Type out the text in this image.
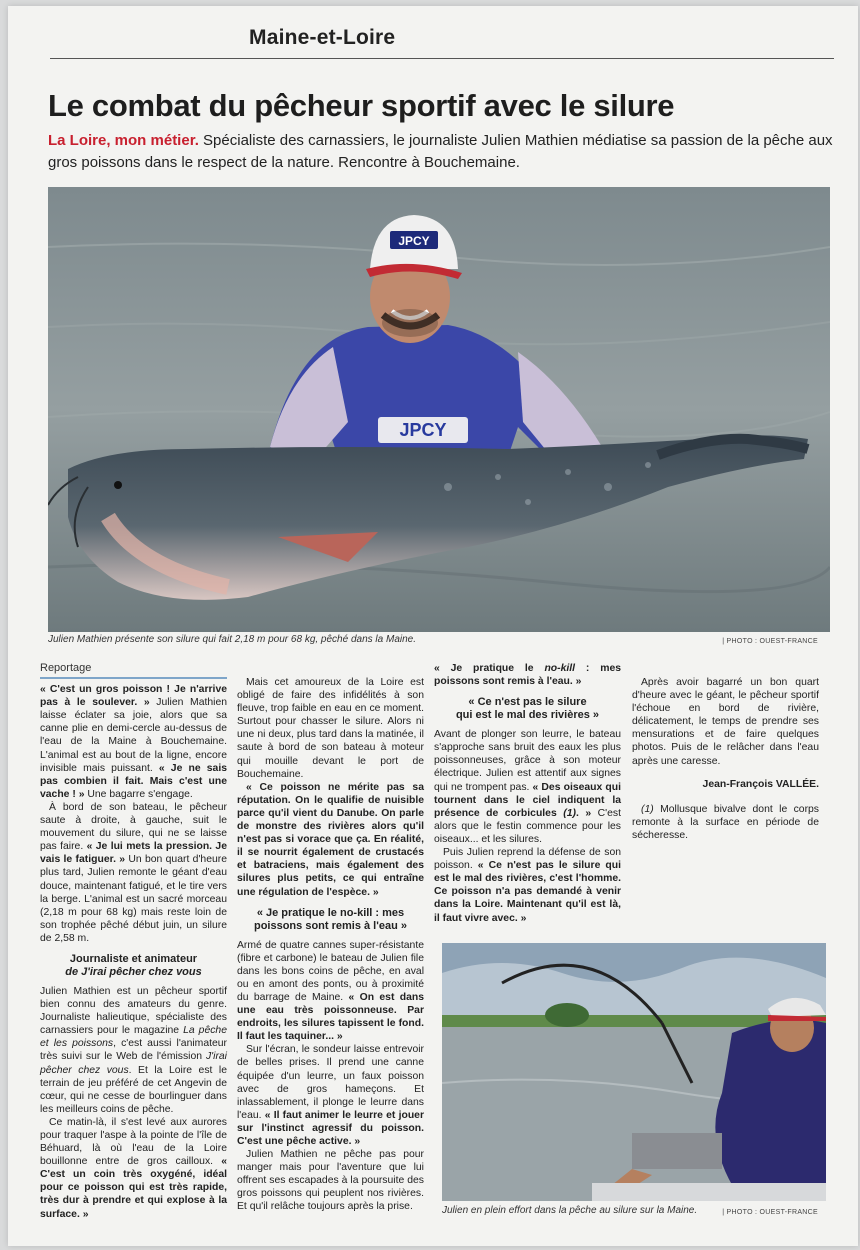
Maine-et-Loire
Le combat du pêcheur sportif avec le silure
La Loire, mon métier. Spécialiste des carnassiers, le journaliste Julien Mathien médiatise sa passion de la pêche aux gros poissons dans le respect de la nature. Rencontre à Bouchemaine.
JPCY
JPCY
Julien Mathien présente son silure qui fait 2,18 m pour 68 kg, pêché dans la Maine.	| PHOTO : OUEST-FRANCE
Reportage

« C'est un gros poisson ! Je n'arrive pas à le soulever. » Julien Mathien laisse éclater sa joie, alors que sa canne plie en demi-cercle au-dessus de l'eau de la Maine à Bouchemaine. L'animal est au bout de la ligne, encore invisible mais puissant. « Je ne sais pas combien il fait. Mais c'est une vache ! » Une bagarre s'engage.

À bord de son bateau, le pêcheur saute à droite, à gauche, suit le mouvement du silure, qui ne se laisse pas faire. « Je lui mets la pression. Je vais le fatiguer. » Un bon quart d'heure plus tard, Julien remonte le géant d'eau douce, maintenant fatigué, et le tire vers la berge. L'animal est un sacré morceau (2,18 m pour 68 kg) mais reste loin de son trophée pêché début juin, un silure de 2,58 m.

Journaliste et animateur
de J'irai pêcher chez vous

Julien Mathien est un pêcheur sportif bien connu des amateurs du genre. Journaliste halieutique, spécialiste des carnassiers pour le magazine La pêche et les poissons, c'est aussi l'animateur très suivi sur le Web de l'émission J'irai pêcher chez vous. Et la Loire est le terrain de jeu préféré de cet Angevin de cœur, qui ne cesse de bourlinguer dans les meilleurs coins de pêche.

Ce matin-là, il s'est levé aux aurores pour traquer l'aspe à la pointe de l'île de Béhuard, là où l'eau de la Loire bouillonne entre de gros cailloux. « C'est un coin très oxygéné, idéal pour ce poisson qui est très rapide, très dur à prendre et qui explose à la surface. »

Mais cet amoureux de la Loire est obligé de faire des infidélités à son fleuve, trop faible en eau en ce moment. Surtout pour chasser le silure. Alors ni une ni deux, plus tard dans la matinée, il saute à bord de son bateau à moteur qui mouille devant le port de Bouchemaine.

« Ce poisson ne mérite pas sa réputation. On le qualifie de nuisible parce qu'il vient du Danube. On parle de monstre des rivières alors qu'il n'est pas si vorace que ça. En réalité, il se nourrit également de crustacés et batraciens, mais également des silures plus petits, ce qui entraîne une régulation de l'espèce. »

« Je pratique le no-kill : mes poissons sont remis à l'eau »

Armé de quatre cannes super-résistante (fibre et carbone) le bateau de Julien file dans les bons coins de pêche, en aval ou en amont des ponts, ou à proximité du barrage de Maine. « On est dans une eau très poissonneuse. Par endroits, les silures tapissent le fond. Il faut les taquiner... »

Sur l'écran, le sondeur laisse entrevoir de belles prises. Il prend une canne équipée d'un leurre, un faux poisson avec de gros hameçons. Et inlassablement, il plonge le leurre dans l'eau. « Il faut animer le leurre et jouer sur l'instinct agressif du poisson. C'est une pêche active. »

Julien Mathien ne pêche pas pour manger mais pour l'aventure que lui offrent ses escapades à la poursuite des gros poissons qui peuplent nos rivières. Et qu'il relâche toujours après la prise.

« Je pratique le no-kill : mes poissons sont remis à l'eau. »

« Ce n'est pas le silure
qui est le mal des rivières »

Avant de plonger son leurre, le bateau s'approche sans bruit des eaux les plus poissonneuses, grâce à son moteur électrique. Julien est attentif aux signes qui ne trompent pas. « Des oiseaux qui tournent dans le ciel indiquent la présence de corbicules (1). » C'est alors que le festin commence pour les oiseaux... et les silures.

Puis Julien reprend la défense de son poisson. « Ce n'est pas le silure qui est le mal des rivières, c'est l'homme. Ce poisson n'a pas demandé à venir dans la Loire. Maintenant qu'il est là, il faut vivre avec. »

Après avoir bagarré un bon quart d'heure avec le géant, le pêcheur sportif l'échoue en bord de rivière, délicatement, le temps de prendre ses mensurations et de faire quelques photos. Puis de le relâcher dans l'eau après une caresse.

Jean-François VALLÉE.

(1) Mollusque bivalve dont le corps remonte à la surface en période de sécheresse.

Julien en plein effort dans la pêche au silure sur la Maine.	| PHOTO : OUEST-FRANCE
